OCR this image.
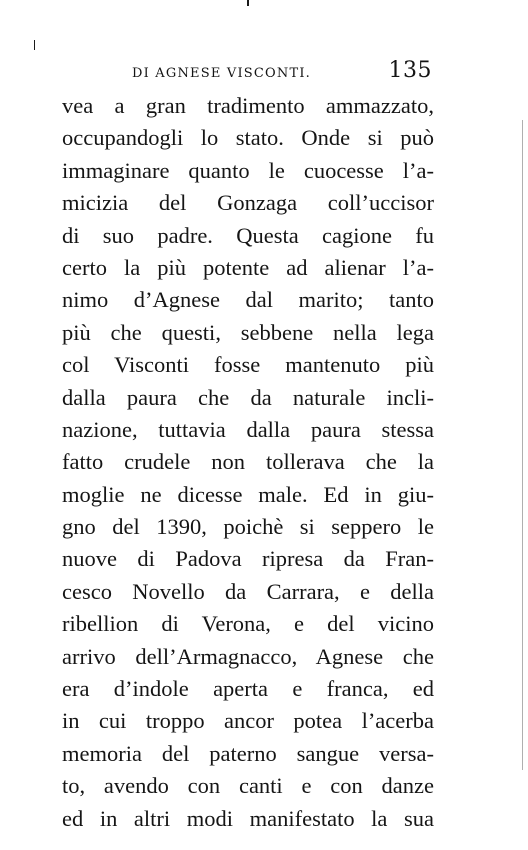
DI AGNESE VISCONTI.	135
vea a gran tradimento ammazzato,
occupandogli lo stato. Onde si può
immaginare quanto le cuocesse l’a-
micizia del Gonzaga coll’uccisor
di suo padre. Questa cagione fu
certo la più potente ad alienar l’a-
nimo d’Agnese dal marito; tanto
più che questi, sebbene nella lega
col Visconti fosse mantenuto più
dalla paura che da naturale incli-
nazione, tuttavia dalla paura stessa
fatto crudele non tollerava che la
moglie ne dicesse male. Ed in giu-
gno del 1390, poichè si seppero le
nuove di Padova ripresa da Fran-
cesco Novello da Carrara, e della
ribellion di Verona, e del vicino
arrivo dell’Armagnacco, Agnese che
era d’indole aperta e franca, ed
in cui troppo ancor potea l’acerba
memoria del paterno sangue versa-
to, avendo con canti e con danze
ed in altri modi manifestato la sua
